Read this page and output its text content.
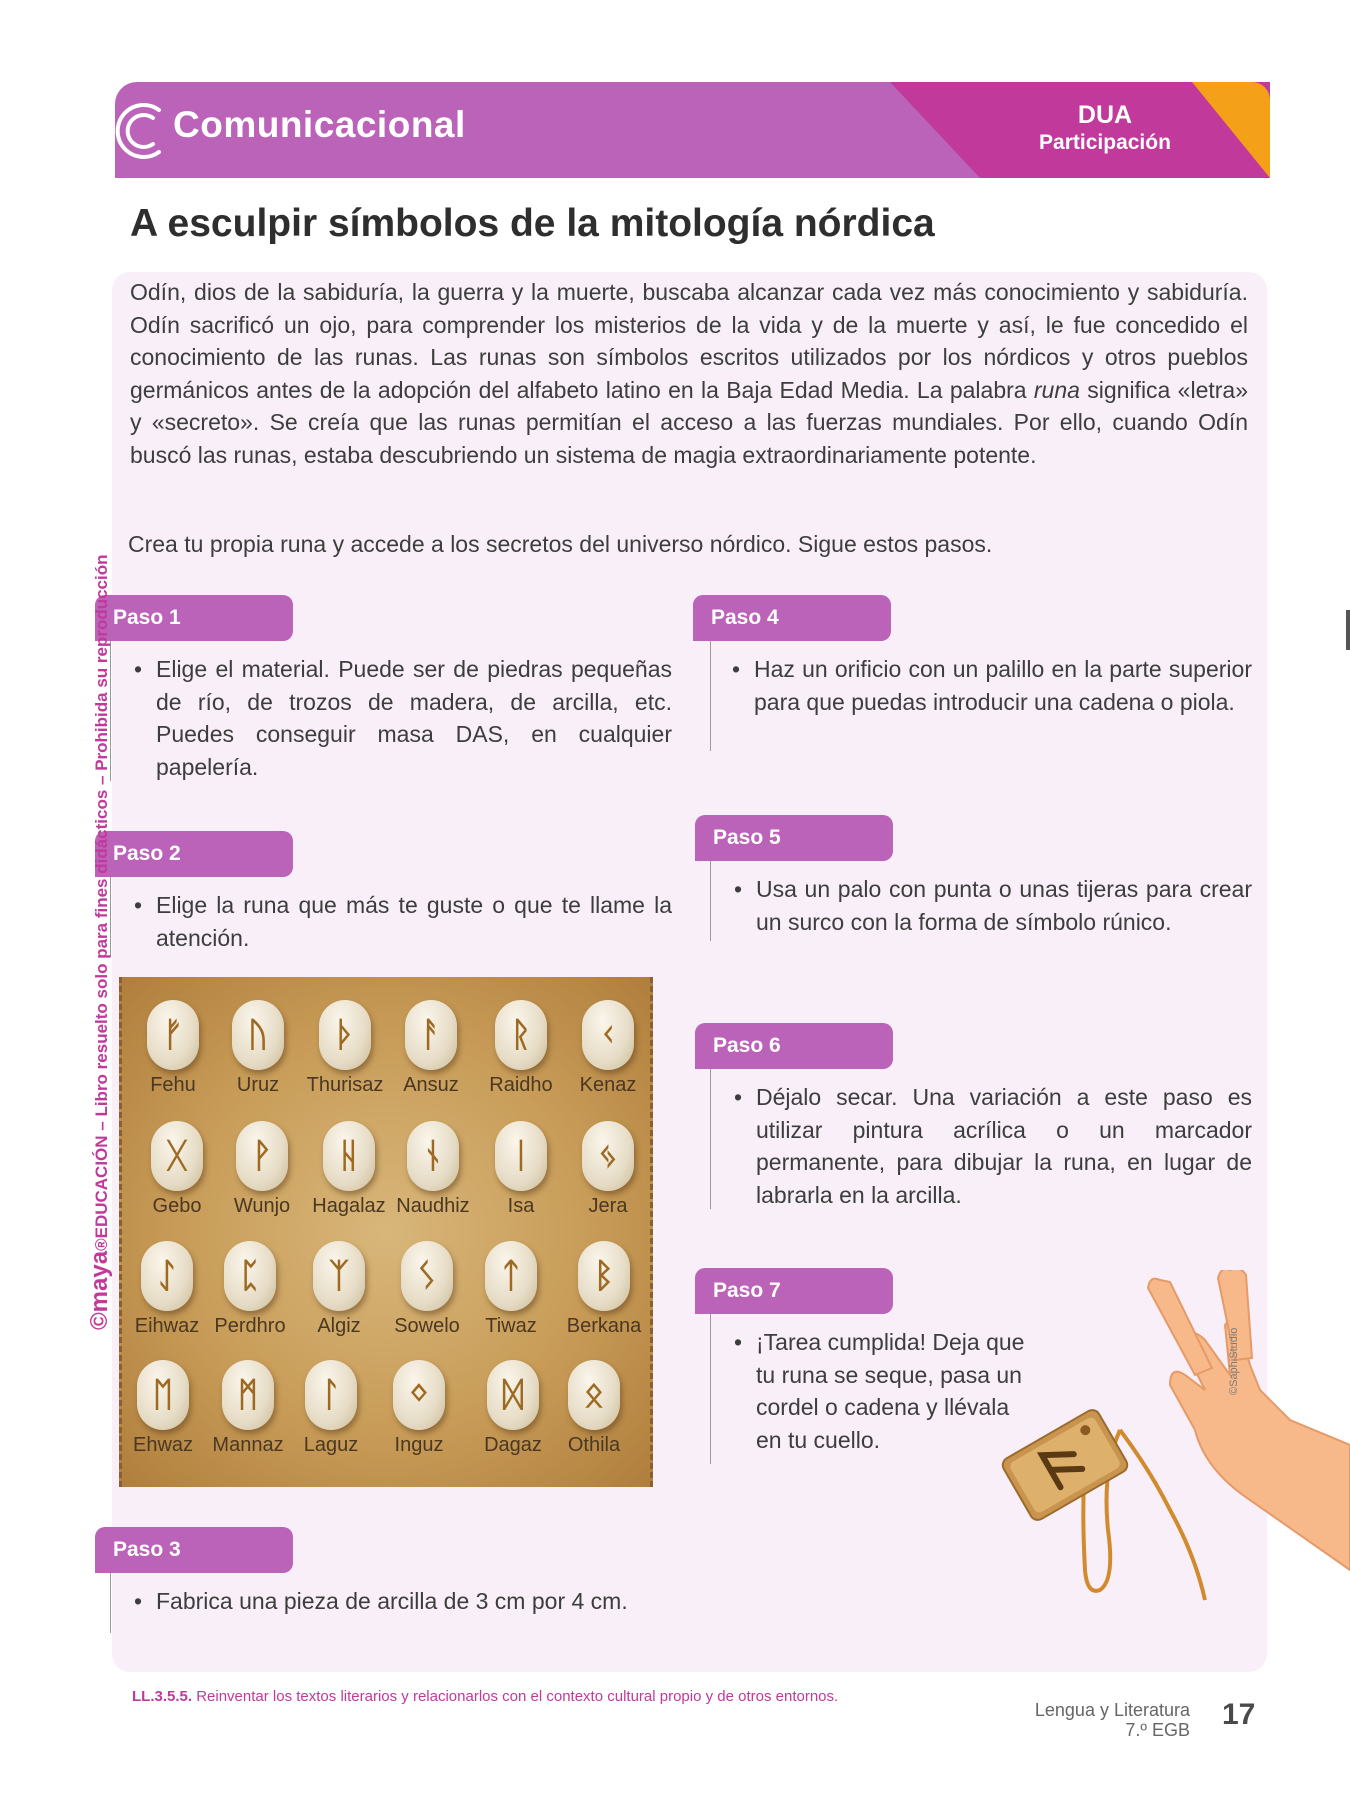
Comunicacional	DUA
Participación
A esculpir símbolos de la mitología nórdica

Odín, dios de la sabiduría, la guerra y la muerte, buscaba alcanzar cada vez más conocimiento y sabiduría. Odín sacrificó un ojo, para comprender los misterios de la vida y de la muerte y así, le fue concedido el conocimiento de las runas. Las runas son símbolos escritos utilizados por los nórdicos y otros pueblos germánicos antes de la adopción del alfabeto latino en la Baja Edad Media. La palabra runa significa «letra» y «secreto». Se creía que las runas permitían el acceso a las fuerzas mundiales. Por ello, cuando Odín buscó las runas, estaba descubriendo un sistema de magia extraordinariamente potente.

Crea tu propia runa y accede a los secretos del universo nórdico. Sigue estos pasos.

Paso 1
• Elige el material. Puede ser de piedras pequeñas de río, de trozos de madera, de arcilla, etc. Puedes conseguir masa DAS, en cualquier papelería.
Paso 2
• Elige la runa que más te guste o que te llame la atención.
ᚠ
Fehu
ᚢ
Uruz
ᚦ
Thurisaz
ᚨ
Ansuz
ᚱ
Raidho
ᚲ
Kenaz
ᚷ
Gebo
ᚹ
Wunjo
ᚺ
Hagalaz
ᚾ
Naudhiz
ᛁ
Isa
ᛃ
Jera
ᛇ
Eihwaz
ᛈ
Perdhro
ᛉ
Algiz
ᛊ
Sowelo
ᛏ
Tiwaz
ᛒ
Berkana
ᛖ
Ehwaz
ᛗ
Mannaz
ᛚ
Laguz
ᛜ
Inguz
ᛞ
Dagaz
ᛟ
Othila
Paso 3
• Fabrica una pieza de arcilla de 3 cm por 4 cm.
Paso 4
• Haz un orificio con un palillo en la parte superior para que puedas introducir una cadena o piola.
Paso 5
• Usa un palo con punta o unas tijeras para crear un surco con la forma de símbolo rúnico.
Paso 6
• Déjalo secar. Una variación a este paso es utilizar pintura acrílica o un marcador permanente, para dibujar la runa, en lugar de labrarla en la arcilla.
Paso 7
• ¡Tarea cumplida! Deja que tu runa se seque, pasa un cordel o cadena y llévala en tu cuello.
©SaphiStudio
©maya®EDUCACIÓN – Libro resuelto solo para fines didácticos – Prohibida su reproducción
LL.3.5.5. Reinventar los textos literarios y relacionarlos con el contexto cultural propio y de otros entornos.
Lengua y Literatura
7.º EGB 17
